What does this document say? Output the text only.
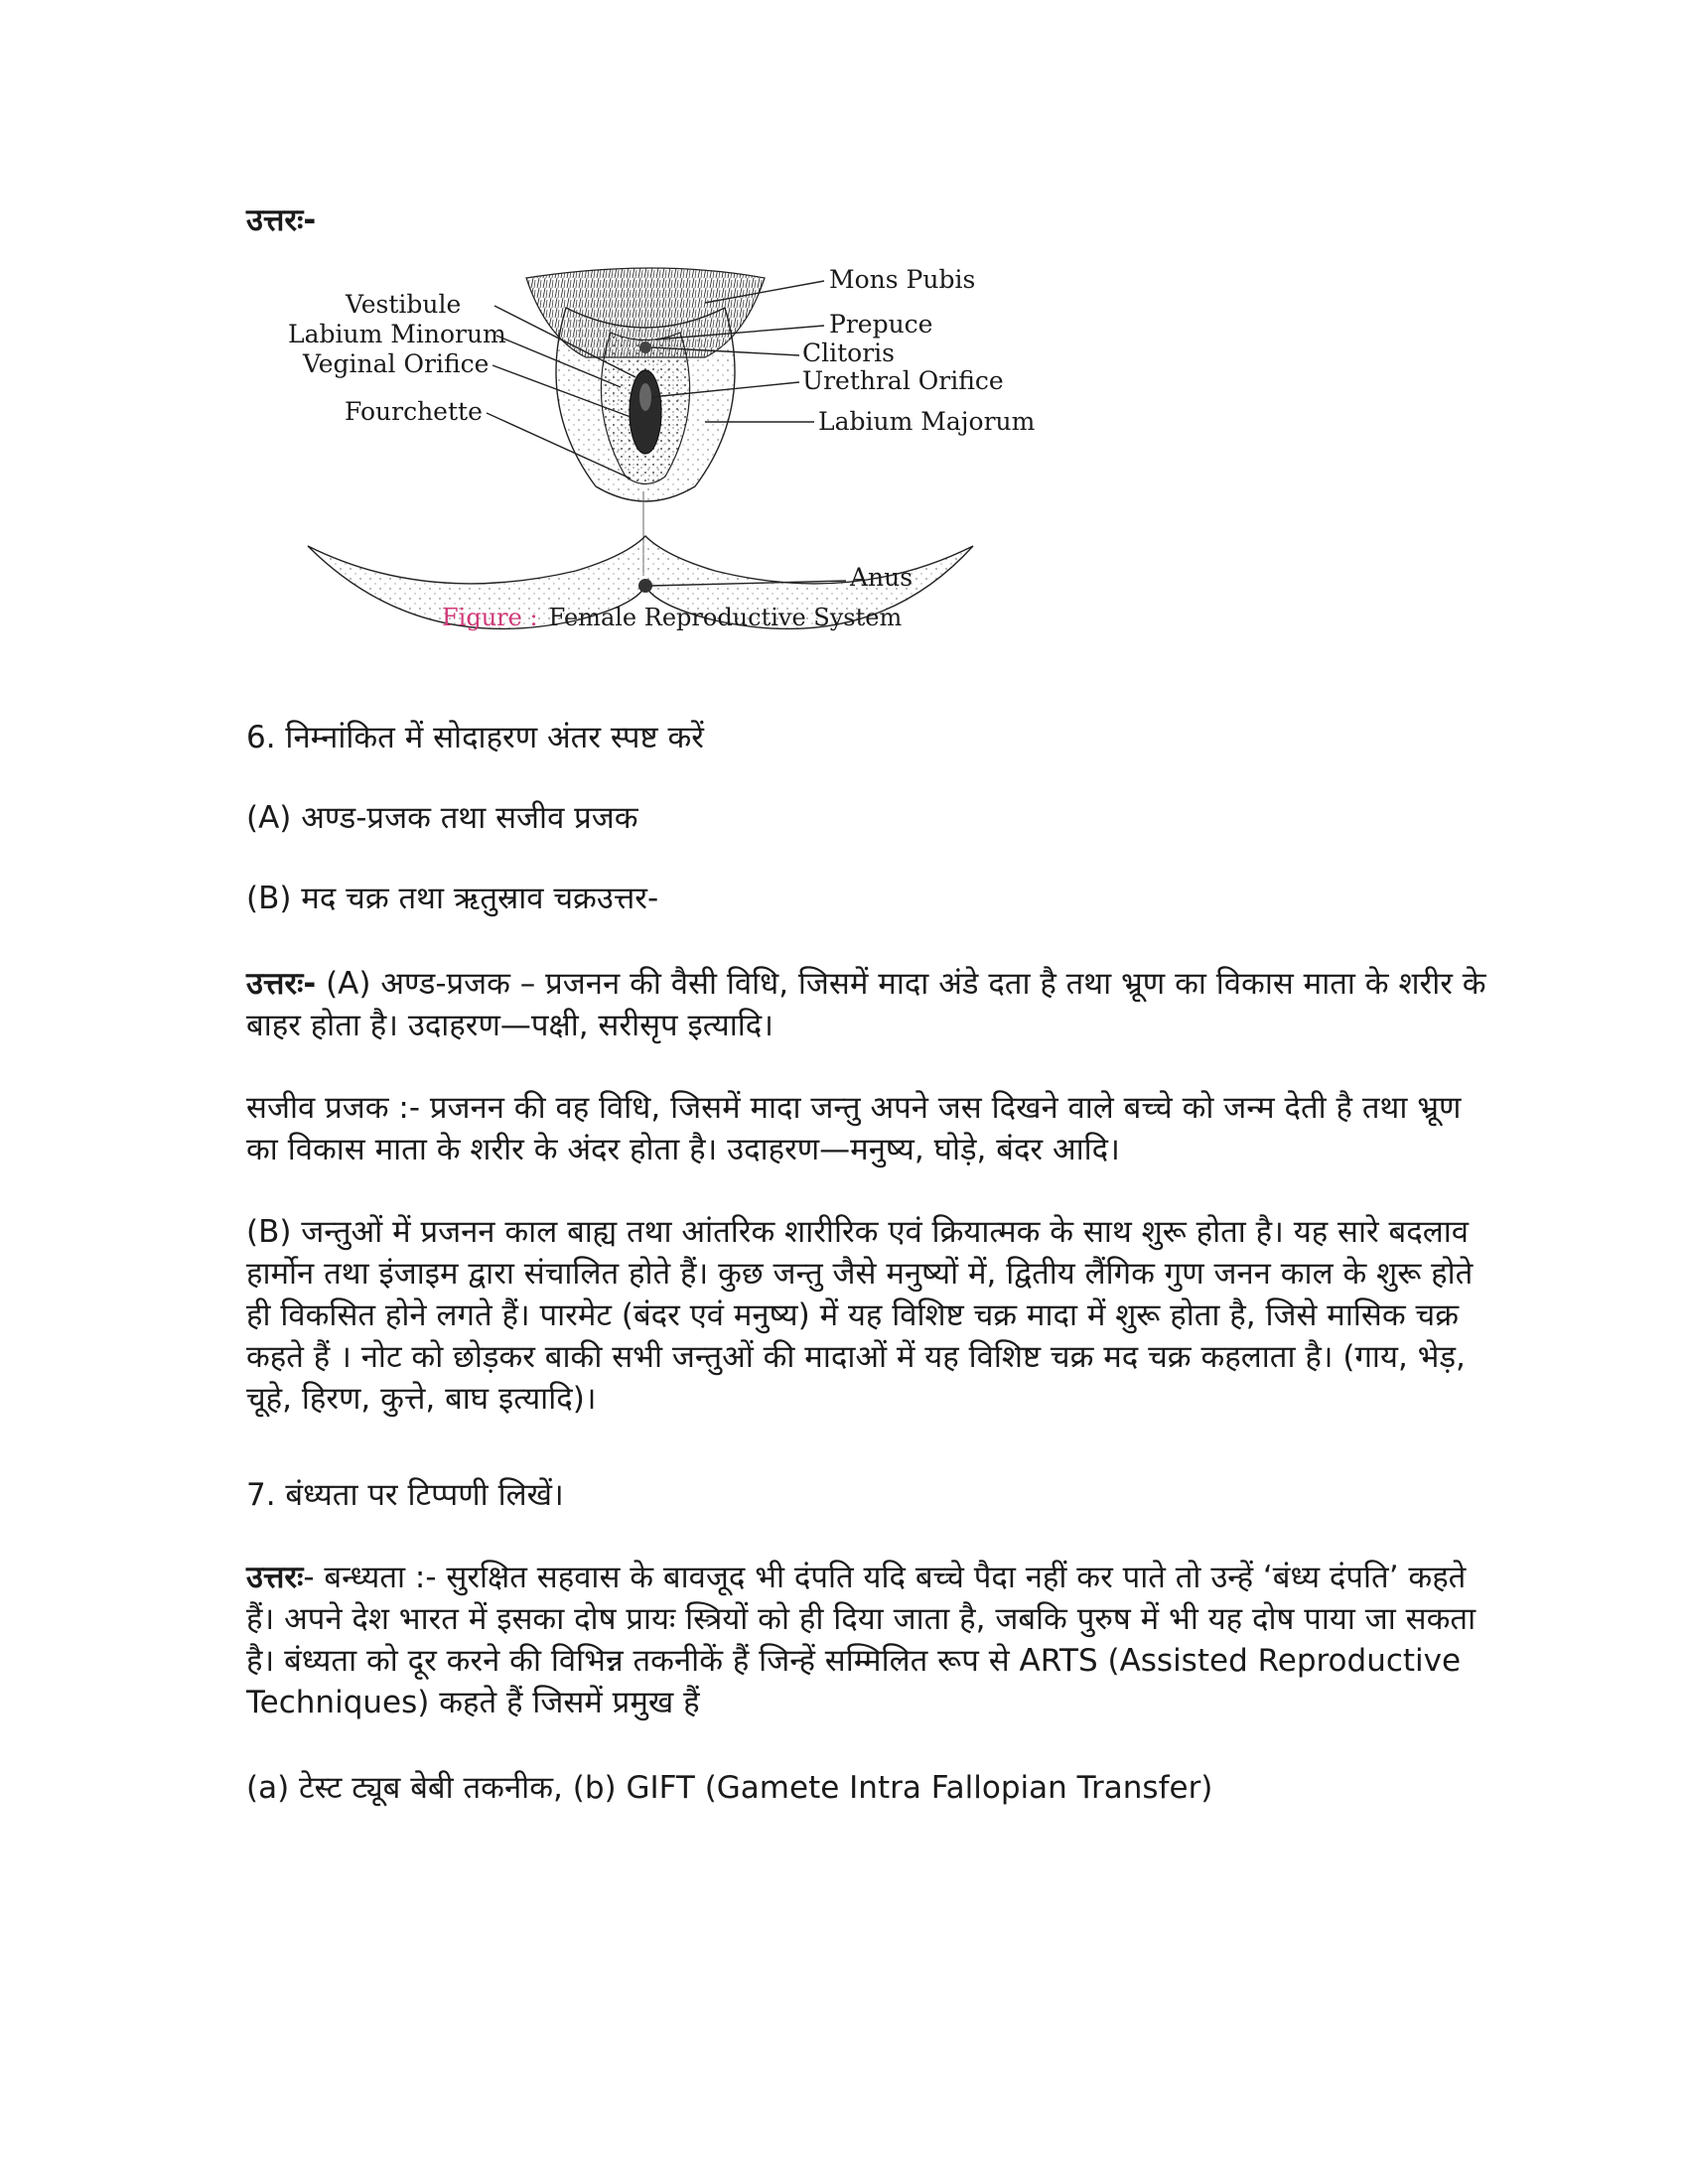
उत्तरः-
Vestibule
Labium Minorum
Veginal Orifice
Fourchette
Mons Pubis
Prepuce
Clitoris
Urethral Orifice
Labium Majorum
Anus
Figure : Female Reproductive System
6. निम्नांकित में सोदाहरण अंतर स्पष्ट करें
(A) अण्ड-प्रजक तथा सजीव प्रजक
(B) मद चक्र तथा ऋतुस्राव चक्रउत्तर-
उत्तरः- (A) अण्ड-प्रजक – प्रजनन की वैसी विधि, जिसमें मादा अंडे दता है तथा भ्रूण का विकास माता के शरीर के बाहर होता है। उदाहरण—पक्षी, सरीसृप इत्यादि।
सजीव प्रजक :- प्रजनन की वह विधि, जिसमें मादा जन्तु अपने जस दिखने वाले बच्चे को जन्म देती है तथा भ्रूण का विकास माता के शरीर के अंदर होता है। उदाहरण—मनुष्य, घोड़े, बंदर आदि।
(B) जन्तुओं में प्रजनन काल बाह्य तथा आंतरिक शारीरिक एवं क्रियात्मक के साथ शुरू होता है। यह सारे बदलाव हार्मोन तथा इंजाइम द्वारा संचालित होते हैं। कुछ जन्तु जैसे मनुष्यों में, द्वितीय लैंगिक गुण जनन काल के शुरू होते ही विकसित होने लगते हैं। पारमेट (बंदर एवं मनुष्य) में यह विशिष्ट चक्र मादा में शुरू होता है, जिसे मासिक चक्र कहते हैं । नोट को छोड़कर बाकी सभी जन्तुओं की मादाओं में यह विशिष्ट चक्र मद चक्र कहलाता है। (गाय, भेड़, चूहे, हिरण, कुत्ते, बाघ इत्यादि)।
7. बंध्यता पर टिप्पणी लिखें।
उत्तरः- बन्ध्यता :- सुरक्षित सहवास के बावजूद भी दंपति यदि बच्चे पैदा नहीं कर पाते तो उन्हें ‘बंध्य दंपति’ कहते हैं। अपने देश भारत में इसका दोष प्रायः स्त्रियों को ही दिया जाता है, जबकि पुरुष में भी यह दोष पाया जा सकता है। बंध्यता को दूर करने की विभिन्न तकनीकें हैं जिन्हें सम्मिलित रूप से ARTS (Assisted Reproductive Techniques) कहते हैं जिसमें प्रमुख हैं
(a) टेस्ट ट्यूब बेबी तकनीक, (b) GIFT (Gamete Intra Fallopian Transfer)
